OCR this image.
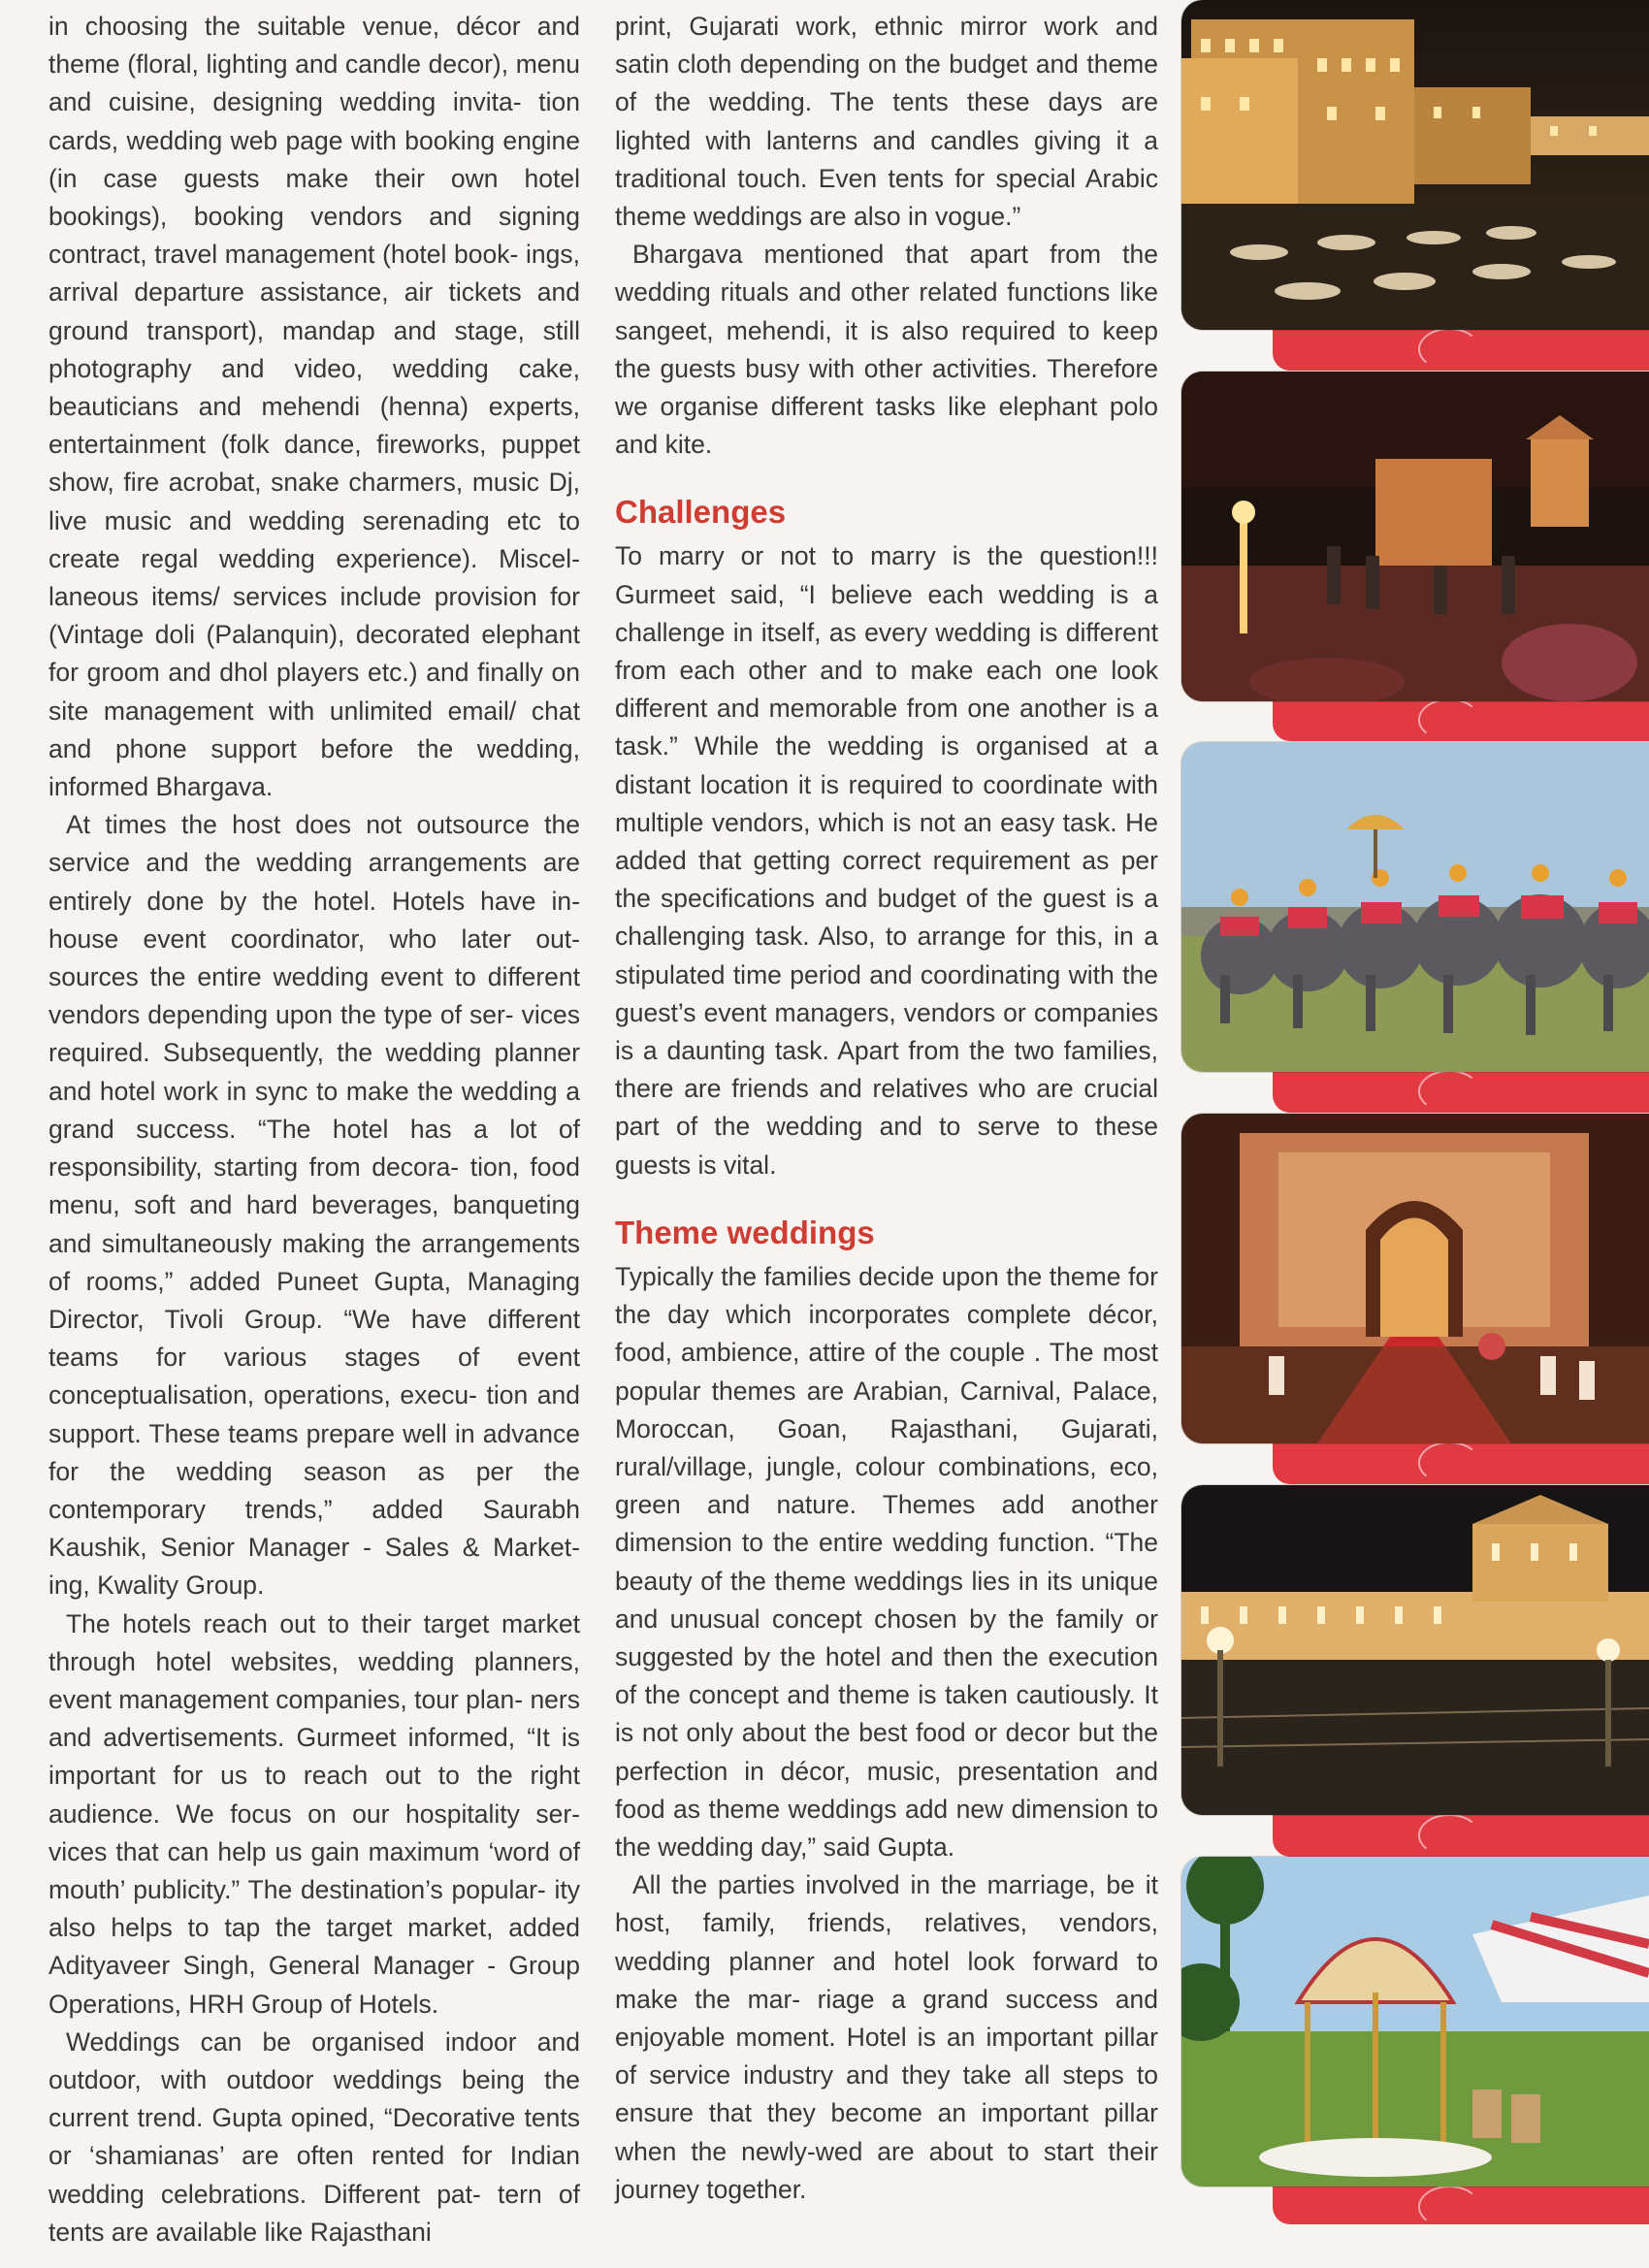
in choosing the suitable venue, décor and theme (floral, lighting and candle decor), menu and cuisine, designing wedding invita- tion cards, wedding web page with booking engine (in case guests make their own hotel bookings), booking vendors and signing contract, travel management (hotel book- ings, arrival departure assistance, air tickets and ground transport), mandap and stage, still photography and video, wedding cake, beauticians and mehendi (henna) experts, entertainment (folk dance, fireworks, puppet show, fire acrobat, snake charmers, music Dj, live music and wedding serenading etc to create regal wedding experience). Miscel- laneous items/ services include provision for (Vintage doli (Palanquin), decorated elephant for groom and dhol players etc.) and finally on site management with unlimited email/ chat and phone support before the wedding, informed Bhargava.

At times the host does not outsource the service and the wedding arrangements are entirely done by the hotel. Hotels have in-house event coordinator, who later out- sources the entire wedding event to different vendors depending upon the type of ser- vices required. Subsequently, the wedding planner and hotel work in sync to make the wedding a grand success. “The hotel has a lot of responsibility, starting from decora- tion, food menu, soft and hard beverages, banqueting and simultaneously making the arrangements of rooms,” added Puneet Gupta, Managing Director, Tivoli Group. “We have different teams for various stages of event conceptualisation, operations, execu- tion and support. These teams prepare well in advance for the wedding season as per the contemporary trends,” added Saurabh Kaushik, Senior Manager - Sales & Market- ing, Kwality Group.

The hotels reach out to their target market through hotel websites, wedding planners, event management companies, tour plan- ners and advertisements. Gurmeet informed, “It is important for us to reach out to the right audience. We focus on our hospitality ser- vices that can help us gain maximum ‘word of mouth’ publicity.” The destination’s popular- ity also helps to tap the target market, added Adityaveer Singh, General Manager - Group Operations, HRH Group of Hotels.

Weddings can be organised indoor and outdoor, with outdoor weddings being the current trend. Gupta opined, “Decorative tents or ‘shamianas’ are often rented for Indian wedding celebrations. Different pat- tern of tents are available like Rajasthani

print, Gujarati work, ethnic mirror work and satin cloth depending on the budget and theme of the wedding. The tents these days are lighted with lanterns and candles giving it a traditional touch. Even tents for special Arabic theme weddings are also in vogue.”

Bhargava mentioned that apart from the wedding rituals and other related functions like sangeet, mehendi, it is also required to keep the guests busy with other activities. Therefore we organise different tasks like elephant polo and kite.

Challenges

To marry or not to marry is the question!!! Gurmeet said, “I believe each wedding is a challenge in itself, as every wedding is different from each other and to make each one look different and memorable from one another is a task.” While the wedding is organised at a distant location it is required to coordinate with multiple vendors, which is not an easy task. He added that getting correct requirement as per the specifications and budget of the guest is a challenging task. Also, to arrange for this, in a stipulated time period and coordinating with the guest’s event managers, vendors or companies is a daunting task. Apart from the two families, there are friends and relatives who are crucial part of the wedding and to serve to these guests is vital.

Theme weddings

Typically the families decide upon the theme for the day which incorporates complete décor, food, ambience, attire of the couple . The most popular themes are Arabian, Carnival, Palace, Moroccan, Goan, Rajasthani, Gujarati, rural/village, jungle, colour combinations, eco, green and nature. Themes add another dimension to the entire wedding function. “The beauty of the theme weddings lies in its unique and unusual concept chosen by the family or suggested by the hotel and then the execution of the concept and theme is taken cautiously. It is not only about the best food or decor but the perfection in décor, music, presentation and food as theme weddings add new dimension to the wedding day,” said Gupta.

All the parties involved in the marriage, be it host, family, friends, relatives, vendors, wedding planner and hotel look forward to make the mar- riage a grand success and enjoyable moment. Hotel is an important pillar of service industry and they take all steps to ensure that they become an important pillar when the newly-wed are about to start their journey together.
